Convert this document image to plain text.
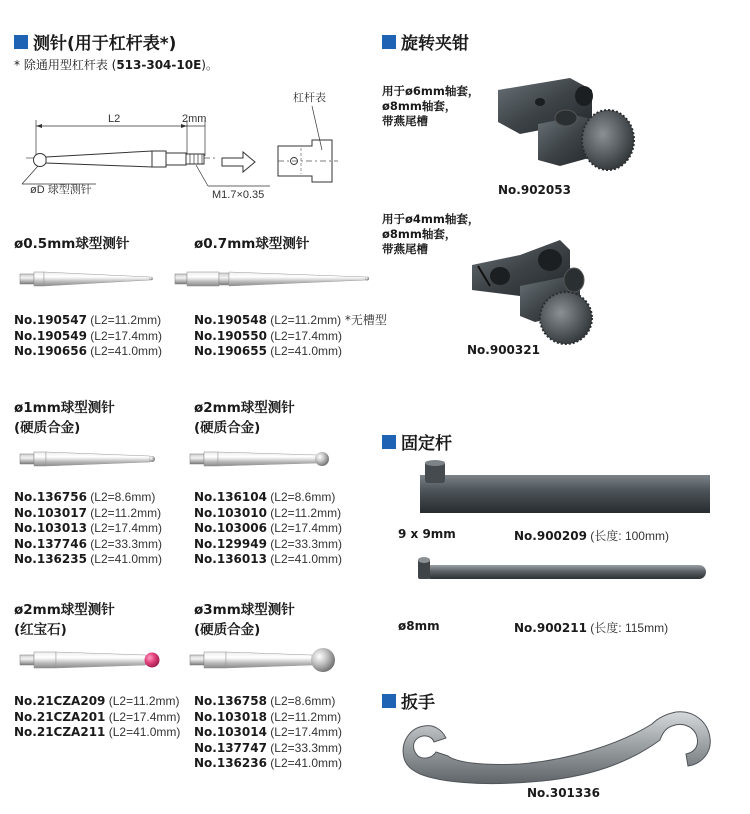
测针(用于杠杆表*)
* 除通用型杠杆表 (513-304-10E)。
L2	2mm
øD 球型测针	M1.7×0.35
杠杆表
ø0.5mm球型测针
No.190547 (L2=11.2mm)
No.190549 (L2=17.4mm)
No.190656 (L2=41.0mm)
ø0.7mm球型测针
No.190548 (L2=11.2mm) *无槽型
No.190550 (L2=17.4mm)
No.190655 (L2=41.0mm)
ø1mm球型测针
(硬质合金)
No.136756 (L2=8.6mm)
No.103017 (L2=11.2mm)
No.103013 (L2=17.4mm)
No.137746 (L2=33.3mm)
No.136235 (L2=41.0mm)
ø2mm球型测针
(硬质合金)
No.136104 (L2=8.6mm)
No.103010 (L2=11.2mm)
No.103006 (L2=17.4mm)
No.129949 (L2=33.3mm)
No.136013 (L2=41.0mm)
ø2mm球型测针
(红宝石)
No.21CZA209 (L2=11.2mm)
No.21CZA201 (L2=17.4mm)
No.21CZA211 (L2=41.0mm)
ø3mm球型测针
(硬质合金)
No.136758 (L2=8.6mm)
No.103018 (L2=11.2mm)
No.103014 (L2=17.4mm)
No.137747 (L2=33.3mm)
No.136236 (L2=41.0mm)
旋转夹钳
用于ø6mm轴套，
ø8mm轴套，
带燕尾槽
No.902053
用于ø4mm轴套，
ø8mm轴套，
带燕尾槽
No.900321
固定杆
9 x 9mm	No.900209 (长度: 100mm)
ø8mm	No.900211 (长度: 115mm)
扳手
No.301336
